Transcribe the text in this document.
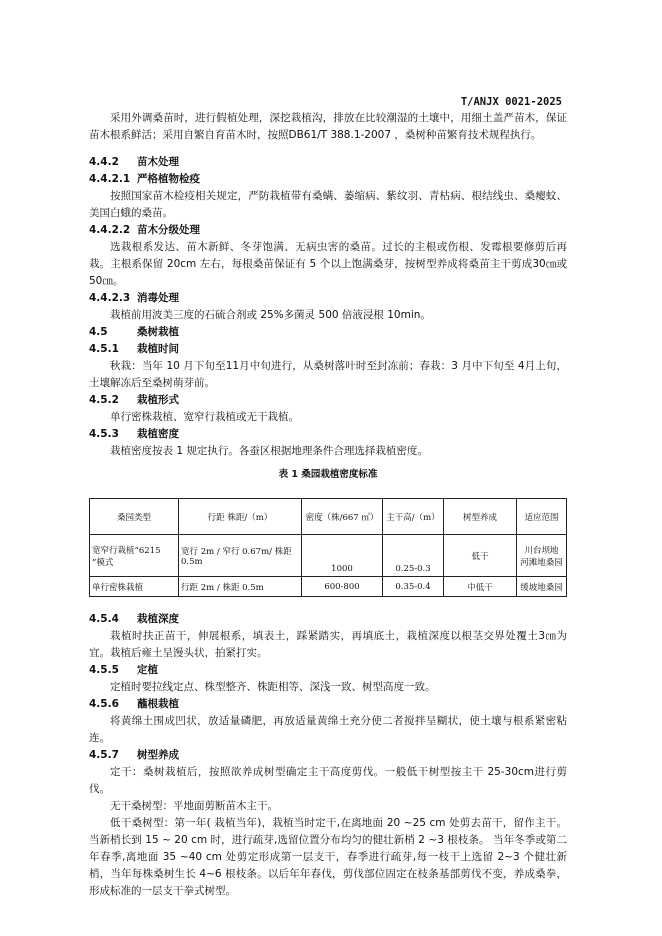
T/ANJX 0021-2025

采用外调桑苗时，进行假植处理，深挖栽植沟，排放在比较潮湿的土壤中，用细土盖严苗木，保证苗木根系鲜活；采用自繁自育苗木时，按照DB61/T 388.1-2007 ，桑树种苗繁育技术规程执行。

4.4.2 苗木处理
4.4.2.1 严格植物检疫

按照国家苗木检疫相关规定，严防栽植带有桑螨、萎缩病、紫纹羽、青枯病、根结线虫、桑瘿蚊、美国白蛾的桑苗。

4.4.2.2 苗木分级处理

选栽根系发达、苗木新鲜、冬芽饱满、无病虫害的桑苗。过长的主根或伤根、发霉根要修剪后再栽。主根系保留 20cm 左右，每根桑苗保证有 5 个以上饱满桑芽，按树型养成将桑苗主干剪成30㎝或50㎝。

4.4.2.3 消毒处理

栽植前用波美三度的石硫合剂或 25%多菌灵 500 倍液浸根 10min。

4.5	桑树栽植
4.5.1 栽植时间

秋栽：当年 10 月下旬至11月中旬进行，从桑树落叶时至封冻前；春栽：3 月中下旬至 4月上旬，土壤解冻后至桑树萌芽前。

4.5.2 栽植形式

单行密株栽植、宽窄行栽植或无干栽植。

4.5.3 栽植密度

栽植密度按表 1 规定执行。各蚕区根据地理条件合理选择栽植密度。

表 1 桑园栽植密度标准
桑园类型	行距 株距/（m）	密度（株/667 ㎡）	主干高/（m）	树型养成	适应范围
宽窄行栽植“6215 ”模式	宽行 2m / 窄行 0.67m/ 株距0.5m	1000	0.25-0.3	低干	川台坝地
河滩地桑园

单行密株栽植	行距 2m / 株距 0.5m	600-800	0.35-0.4	中低干	缓坡地桑园
4.5.4 栽植深度

栽植时扶正苗干，伸展根系，填表土，踩紧踏实，再填底土，栽植深度以根茎交界处覆土3㎝为宜。栽植后雍土呈馒头状，拍紧打实。

4.5.5 定植

定植时要拉线定点、株型整齐、株距相等、深浅一致、树型高度一致。

4.5.6 蘸根栽植

将黄绵土围成凹状，放适量磷肥，再放适量黄绵土充分使二者搅拌呈糊状，使土壤与根系紧密粘连。

4.5.7 树型养成

定干：桑树栽植后，按照欲养成树型确定主干高度剪伐。一般低干树型按主干 25-30cm进行剪伐。

无干桑树型：平地面剪断苗木主干。

低干桑树型：第一年( 栽植当年)，栽植当时定干,在离地面 20 ~25 cm 处剪去苗干，留作主干。当新梢长到 15 ~ 20 cm 时，进行疏芽,选留位置分布均匀的健壮新梢 2 ~3 根枝条。 当年冬季或第二年春季,离地面 35 ~40 cm 处剪定形成第一层支干，春季进行疏芽,每一枝干上选留 2~3 个健壮新梢，当年每株桑树生长 4~6 根枝条。以后年年春伐，剪伐部位固定在枝条基部剪伐不变，养成桑拳，形成标准的一层支干拳式树型。
